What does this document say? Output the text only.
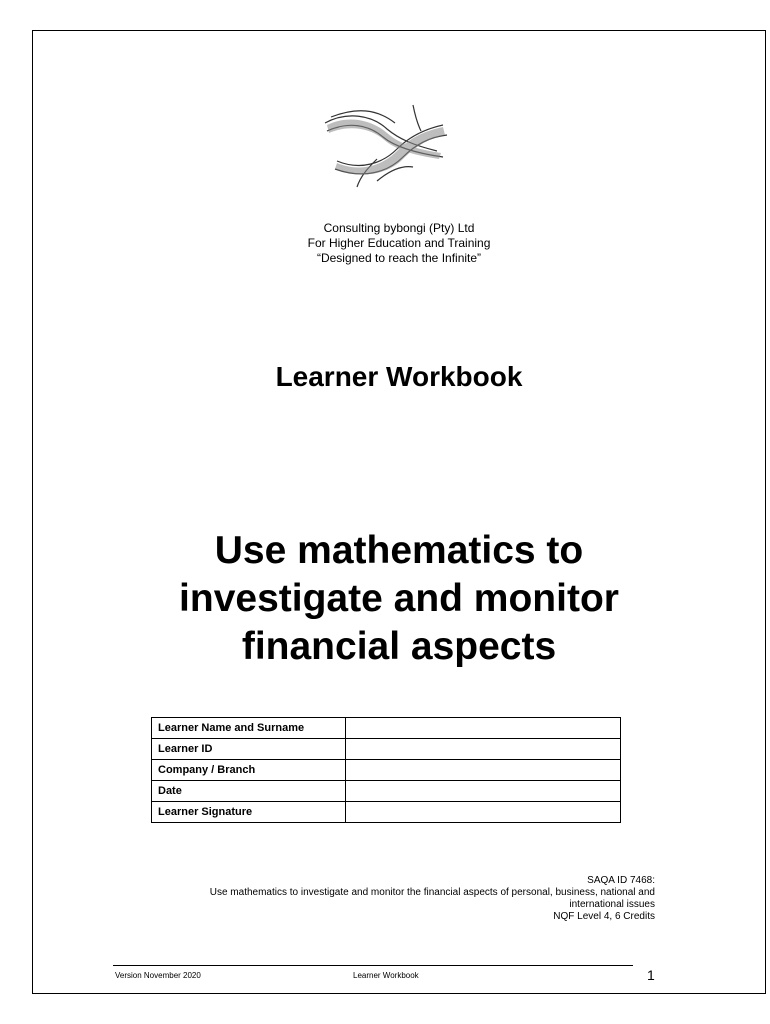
Consulting bybongi (Pty) Ltd
For Higher Education and Training
“Designed to reach the Infinite”
Learner Workbook
Use mathematics to
investigate and monitor
financial aspects
Learner Name and Surname	
Learner ID	
Company / Branch	
Date	
Learner Signature	
SAQA ID 7468:
Use mathematics to investigate and monitor the financial aspects of personal, business, national and
international issues
NQF Level 4, 6 Credits
Version November 2020	Learner Workbook	1
